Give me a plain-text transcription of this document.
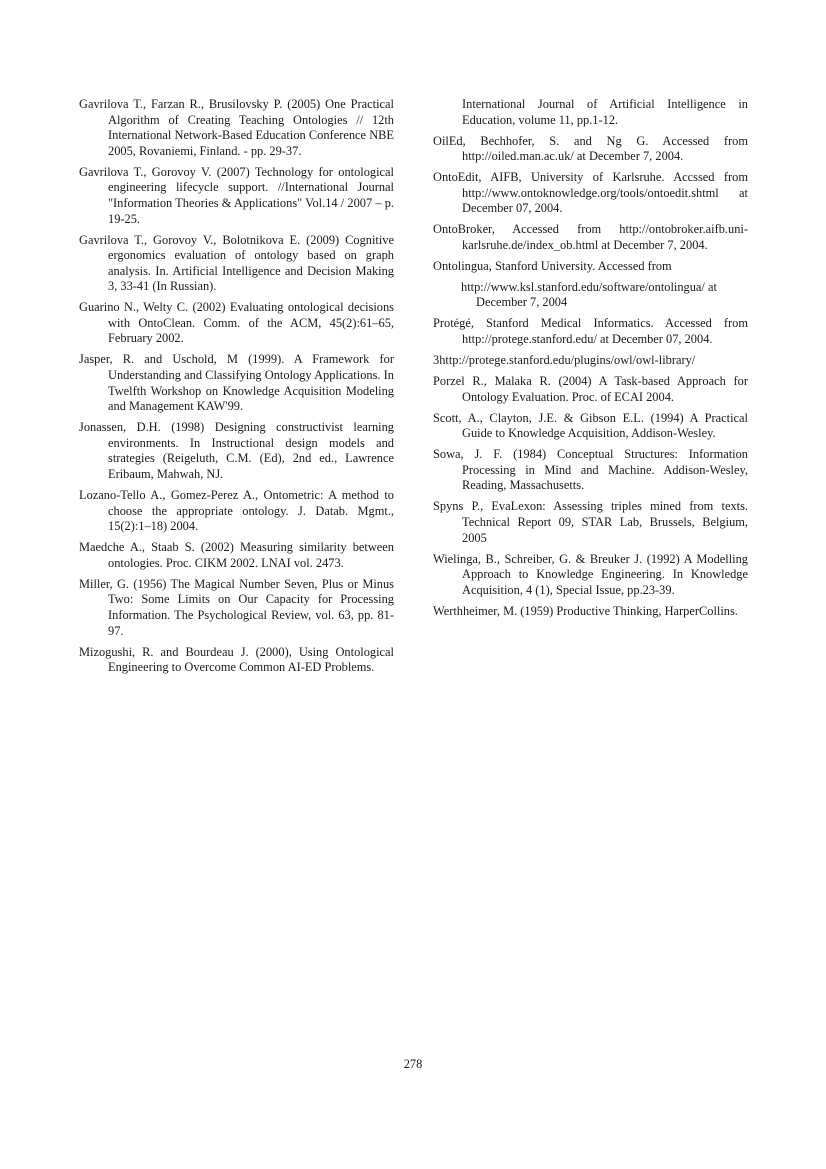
Gavrilova T., Farzan R., Brusilovsky P. (2005) One Practical Algorithm of Creating Teaching Ontologies // 12th International Network-Based Education Conference NBE 2005, Rovaniemi, Finland. - pp. 29-37.

Gavrilova T., Gorovoy V. (2007) Technology for ontological engineering lifecycle support. //International Journal "Information Theories & Applications" Vol.14 / 2007 – p. 19-25.

Gavrilova T., Gorovoy V., Bolotnikova E. (2009) Cognitive ergonomics evaluation of ontology based on graph analysis. In. Artificial Intelligence and Decision Making 3, 33-41 (In Russian).

Guarino N., Welty C. (2002) Evaluating ontological decisions with OntoClean. Comm. of the ACM, 45(2):61–65, February 2002.

Jasper, R. and Uschold, M (1999). A Framework for Understanding and Classifying Ontology Applications. In Twelfth Workshop on Knowledge Acquisition Modeling and Management KAW'99.

Jonassen, D.H. (1998) Designing constructivist learning environments. In Instructional design models and strategies (Reigeluth, C.M. (Ed), 2nd ed., Lawrence Eribaum, Mahwah, NJ.

Lozano-Tello A., Gomez-Perez A., Ontometric: A method to choose the appropriate ontology. J. Datab. Mgmt., 15(2):1–18) 2004.

Maedche A., Staab S. (2002) Measuring similarity between ontologies. Proc. CIKM 2002. LNAI vol. 2473.

Miller, G. (1956) The Magical Number Seven, Plus or Minus Two: Some Limits on Our Capacity for Processing Information. The Psychological Review, vol. 63, pp. 81-97.

Mizogushi, R. and Bourdeau J. (2000), Using Ontological Engineering to Overcome Common AI-ED Problems.

International Journal of Artificial Intelligence in Education, volume 11, pp.1-12.

OilEd, Bechhofer, S. and Ng G. Accessed from http://oiled.man.ac.uk/ at December 7, 2004.

OntoEdit, AIFB, University of Karlsruhe. Accssed from http://www.ontoknowledge.org/tools/ontoedit.shtml at December 07, 2004.

OntoBroker, Accessed from http://ontobroker.aifb.uni-karlsruhe.de/index_ob.html at December 7, 2004.

Ontolingua, Stanford University. Accessed from

http://www.ksl.stanford.edu/software/ontolingua/ at December 7, 2004

Protégé, Stanford Medical Informatics. Accessed from http://protege.stanford.edu/ at December 07, 2004.

3http://protege.stanford.edu/plugins/owl/owl-library/

Porzel R., Malaka R. (2004) A Task-based Approach for Ontology Evaluation. Proc. of ECAI 2004.

Scott, A., Clayton, J.E. & Gibson E.L. (1994) A Practical Guide to Knowledge Acquisition, Addison-Wesley.

Sowa, J. F. (1984) Conceptual Structures: Information Processing in Mind and Machine. Addison-Wesley, Reading, Massachusetts.

Spyns P., EvaLexon: Assessing triples mined from texts. Technical Report 09, STAR Lab, Brussels, Belgium, 2005

Wielinga, B., Schreiber, G. & Breuker J. (1992) A Modelling Approach to Knowledge Engineering. In Knowledge Acquisition, 4 (1), Special Issue, pp.23-39.

Werthheimer, M. (1959) Productive Thinking, HarperCollins.

278
